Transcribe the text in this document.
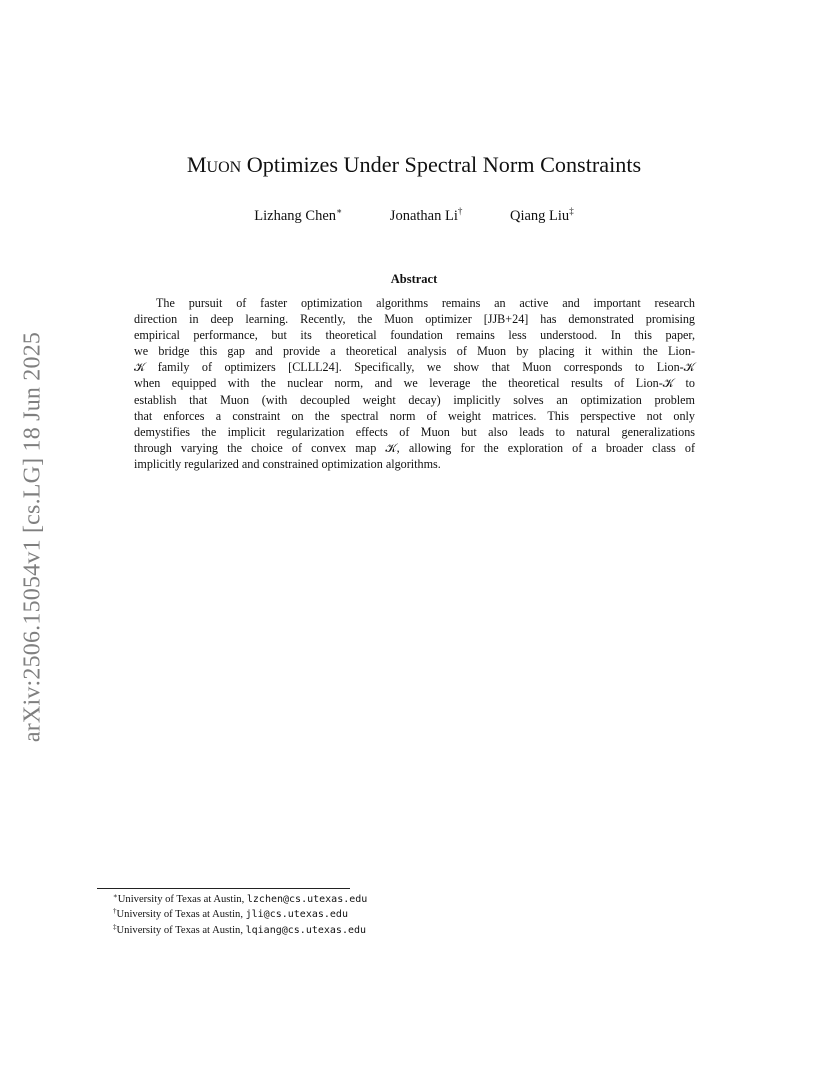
arXiv:2506.15054v1 [cs.LG] 18 Jun 2025
Muon Optimizes Under Spectral Norm Constraints
Lizhang Chen∗	Jonathan Li†	Qiang Liu‡
Abstract
The pursuit of faster optimization algorithms remains an active and important research
direction in deep learning. Recently, the Muon optimizer [JJB+24] has demonstrated promising
empirical performance, but its theoretical foundation remains less understood. In this paper,
we bridge this gap and provide a theoretical analysis of Muon by placing it within the Lion-
𝒦 family of optimizers [CLLL24]. Specifically, we show that Muon corresponds to Lion-𝒦
when equipped with the nuclear norm, and we leverage the theoretical results of Lion-𝒦 to
establish that Muon (with decoupled weight decay) implicitly solves an optimization problem
that enforces a constraint on the spectral norm of weight matrices. This perspective not only
demystifies the implicit regularization effects of Muon but also leads to natural generalizations
through varying the choice of convex map 𝒦, allowing for the exploration of a broader class of
implicitly regularized and constrained optimization algorithms.
∗University of Texas at Austin, lzchen@cs.utexas.edu
†University of Texas at Austin, jli@cs.utexas.edu
‡University of Texas at Austin, lqiang@cs.utexas.edu
